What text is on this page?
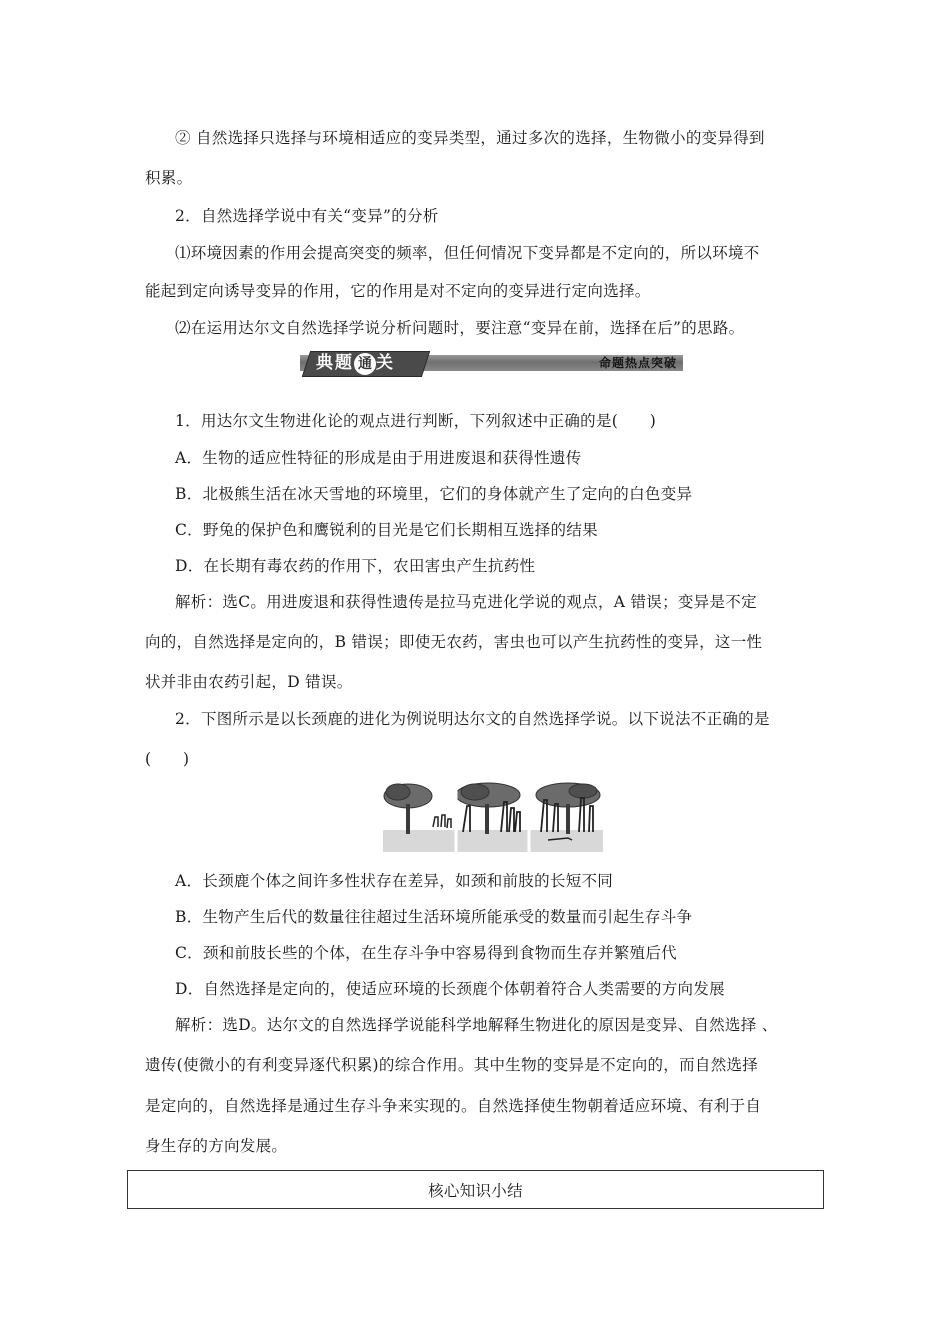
② 自然选择只选择与环境相适应的变异类型，通过多次的选择，生物微小的变异得到
积累。
2．自然选择学说中有关“变异”的分析
⑴环境因素的作用会提高突变的频率，但任何情况下变异都是不定向的，所以环境不
能起到定向诱导变异的作用，它的作用是对不定向的变异进行定向选择。
⑵在运用达尔文自然选择学说分析问题时，要注意“变异在前，选择在后”的思路。
典题 通 关	命题热点突破
1．用达尔文生物进化论的观点进行判断，下列叙述中正确的是(　　)
A．生物的适应性特征的形成是由于用进废退和获得性遗传
B．北极熊生活在冰天雪地的环境里，它们的身体就产生了定向的白色变异
C．野兔的保护色和鹰锐利的目光是它们长期相互选择的结果
D．在长期有毒农药的作用下，农田害虫产生抗药性
解析：选C。用进废退和获得性遗传是拉马克进化学说的观点，A 错误；变异是不定
向的，自然选择是定向的，B 错误；即使无农药，害虫也可以产生抗药性的变异，这一性
状并非由农药引起，D 错误。
2．下图所示是以长颈鹿的进化为例说明达尔文的自然选择学说。以下说法不正确的是
(　　)
A．长颈鹿个体之间许多性状存在差异，如颈和前肢的长短不同
B．生物产生后代的数量往往超过生活环境所能承受的数量而引起生存斗争
C．颈和前肢长些的个体，在生存斗争中容易得到食物而生存并繁殖后代
D．自然选择是定向的，使适应环境的长颈鹿个体朝着符合人类需要的方向发展
解析：选D。达尔文的自然选择学说能科学地解释生物进化的原因是变异、自然选择 、
遗传(使微小的有利变异逐代积累)的综合作用。其中生物的变异是不定向的，而自然选择
是定向的，自然选择是通过生存斗争来实现的。自然选择使生物朝着适应环境、有利于自
身生存的方向发展。
核心知识小结
